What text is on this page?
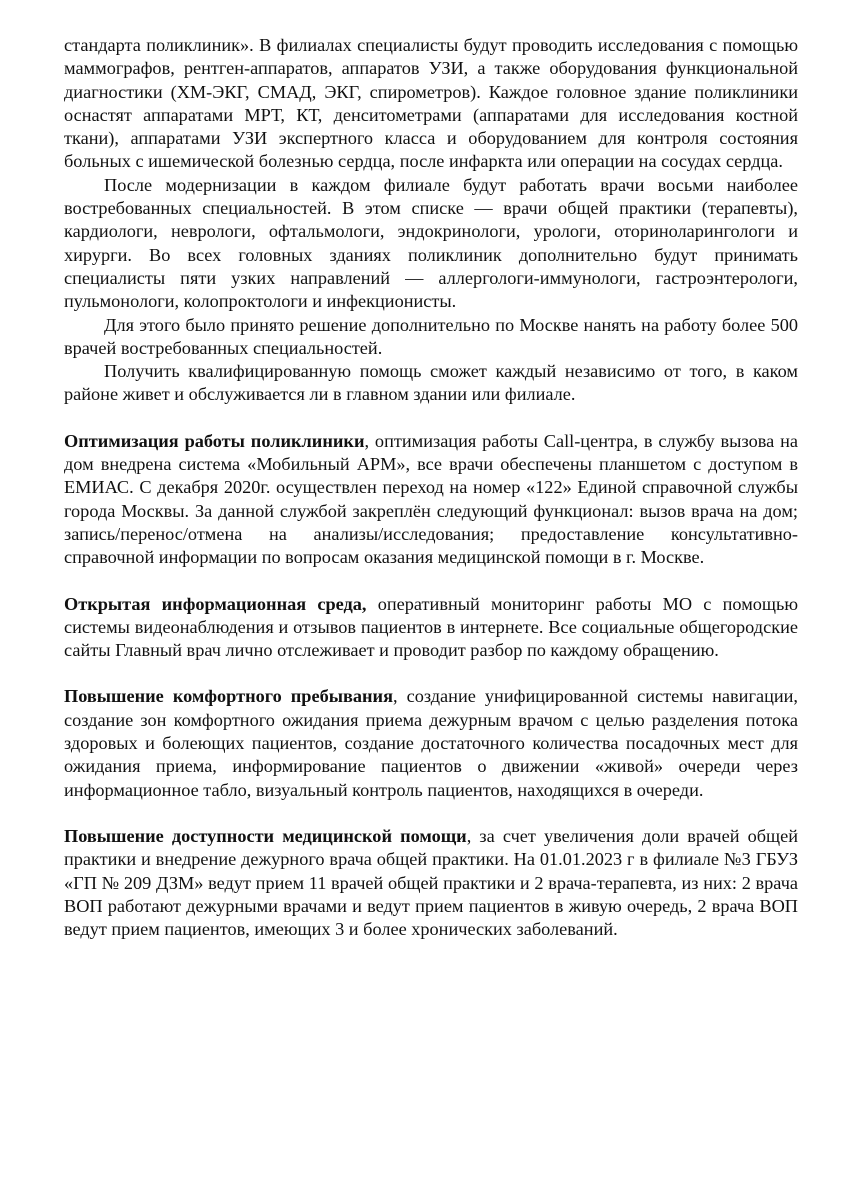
стандарта поликлиник». В филиалах специалисты будут проводить исследования с помощью маммографов, рентген-аппаратов, аппаратов УЗИ, а также оборудования функциональной диагностики (ХМ-ЭКГ, СМАД, ЭКГ, спирометров). Каждое головное здание поликлиники оснастят аппаратами МРТ, КТ, денситометрами (аппаратами для исследования костной ткани), аппаратами УЗИ экспертного класса и оборудованием для контроля состояния больных с ишемической болезнью сердца, после инфаркта или операции на сосудах сердца.

После модернизации в каждом филиале будут работать врачи восьми наиболее востребованных специальностей. В этом списке — врачи общей практики (терапевты), кардиологи, неврологи, офтальмологи, эндокринологи, урологи, оториноларингологи и хирурги. Во всех головных зданиях поликлиник дополнительно будут принимать специалисты пяти узких направлений — аллергологи-иммунологи, гастроэнтерологи, пульмонологи, колопроктологи и инфекционисты.

Для этого было принято решение дополнительно по Москве нанять на работу более 500 врачей востребованных специальностей.

Получить квалифицированную помощь сможет каждый независимо от того, в каком районе живет и обслуживается ли в главном здании или филиале.

Оптимизация работы поликлиники, оптимизация работы Call-центра, в службу вызова на дом внедрена система «Мобильный АРМ», все врачи обеспечены планшетом с доступом в ЕМИАС. С декабря 2020г. осуществлен переход на номер «122» Единой справочной службы города Москвы. За данной службой закреплён следующий функционал: вызов врача на дом; запись/перенос/отмена на анализы/исследования; предоставление консультативно-справочной информации по вопросам оказания медицинской помощи в г. Москве.

Открытая информационная среда, оперативный мониторинг работы МО с помощью системы видеонаблюдения и отзывов пациентов в интернете. Все социальные общегородские сайты Главный врач лично отслеживает и проводит разбор по каждому обращению.

Повышение комфортного пребывания, создание унифицированной системы навигации, создание зон комфортного ожидания приема дежурным врачом с целью разделения потока здоровых и болеющих пациентов, создание достаточного количества посадочных мест для ожидания приема, информирование пациентов о движении «живой» очереди через информационное табло, визуальный контроль пациентов, находящихся в очереди.

Повышение доступности медицинской помощи, за счет увеличения доли врачей общей практики и внедрение дежурного врача общей практики. На 01.01.2023 г в филиале №3 ГБУЗ «ГП № 209 ДЗМ» ведут прием 11 врачей общей практики и 2 врача-терапевта, из них: 2 врача ВОП работают дежурными врачами и ведут прием пациентов в живую очередь, 2 врача ВОП ведут прием пациентов, имеющих 3 и более хронических заболеваний.
